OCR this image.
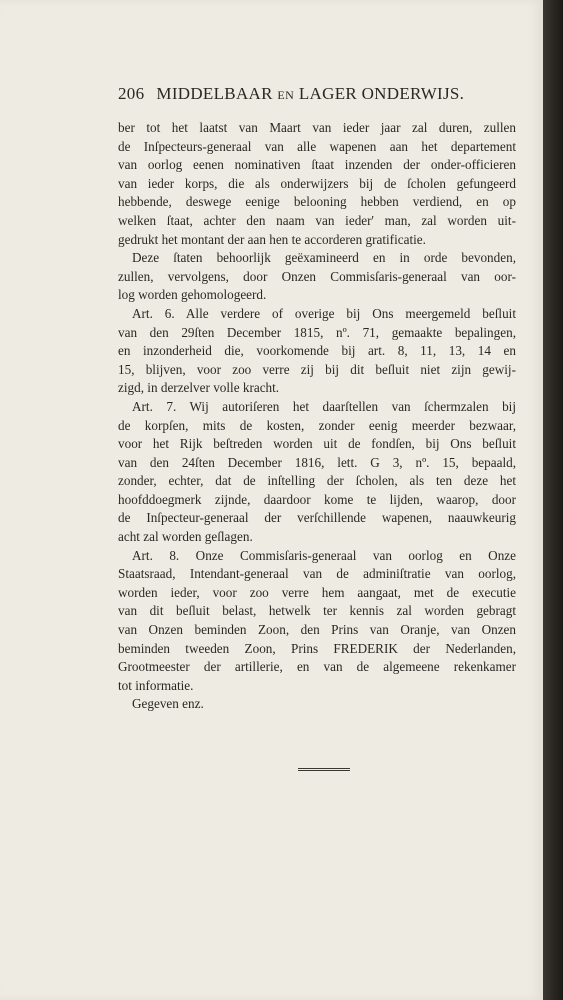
206 MIDDELBAAR EN LAGER ONDERWIJS.
ber tot het laatst van Maart van ieder jaar zal duren, zullen
de Inſpecteurs-generaal van alle wapenen aan het departement
van oorlog eenen nominativen ſtaat inzenden der onder-officieren
van ieder korps, die als onderwijzers bij de ſcholen gefungeerd
hebbende, deswege eenige belooning hebben verdiend, en op
welken ſtaat, achter den naam van ieder' man, zal worden uit-
gedrukt het montant der aan hen te accorderen gratificatie.
Deze ſtaten behoorlijk geëxamineerd en in orde bevonden,
zullen, vervolgens, door Onzen Commisſaris-generaal van oor-
log worden gehomologeerd.
Art. 6. Alle verdere of overige bij Ons meergemeld beſluit
van den 29ſten December 1815, nº. 71, gemaakte bepalingen,
en inzonderheid die, voorkomende bij art. 8, 11, 13, 14 en
15, blijven, voor zoo verre zij bij dit beſluit niet zijn gewij-
zigd, in derzelver volle kracht.
Art. 7. Wij autoriſeren het daarſtellen van ſchermzalen bij
de korpſen, mits de kosten, zonder eenig meerder bezwaar,
voor het Rijk beſtreden worden uit de fondſen, bij Ons beſluit
van den 24ſten December 1816, lett. G 3, nº. 15, bepaald,
zonder, echter, dat de inſtelling der ſcholen, als ten deze het
hoofddoegmerk zijnde, daardoor kome te lijden, waarop, door
de Inſpecteur-generaal der verſchillende wapenen, naauwkeurig
acht zal worden geſlagen.
Art. 8. Onze Commisſaris-generaal van oorlog en Onze
Staatsraad, Intendant-generaal van de adminiſtratie van oorlog,
worden ieder, voor zoo verre hem aangaat, met de executie
van dit beſluit belast, hetwelk ter kennis zal worden gebragt
van Onzen beminden Zoon, den Prins van Oranje, van Onzen
beminden tweeden Zoon, Prins FREDERIK der Nederlanden,
Grootmeester der artillerie, en van de algemeene rekenkamer
tot informatie.
Gegeven enz.
